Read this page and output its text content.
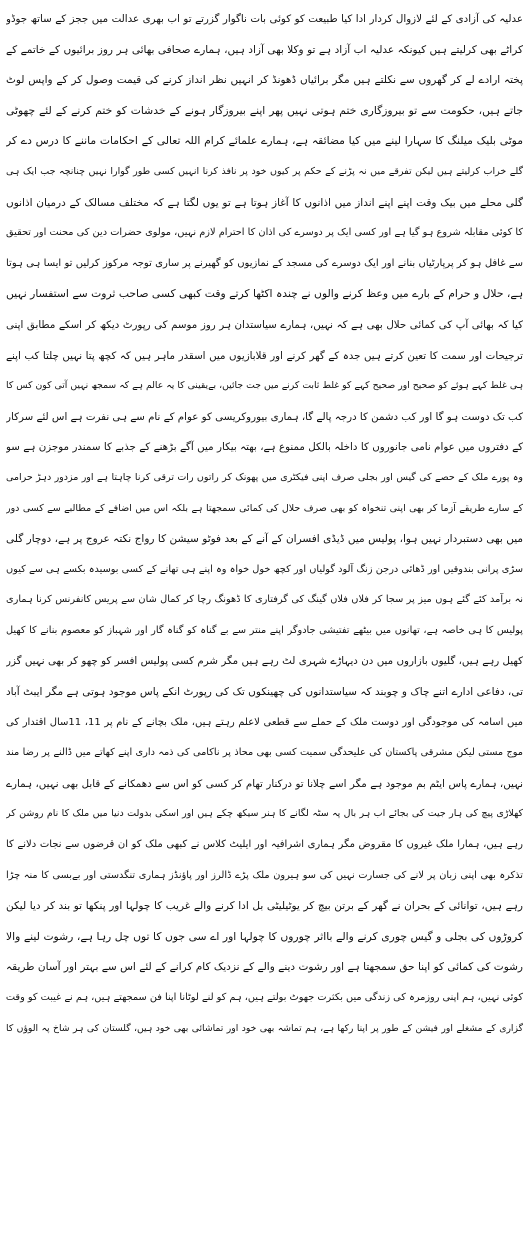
عدلیہ کی آزادی کے لئے لازوال کردار ادا کیا طبیعت کو کوئی بات ناگوار گزرتے تو اب بھری عدالت میں ججز کے ساتھ جوڈو
کراٹے بھی کرلیتے ہیں کیونکہ عدلیہ اب آزاد ہے تو وکلا بھی آزاد ہیں، ہمارے صحافی بھائی ہر روز برائیوں کے خاتمے کے
پختہ ارادے لے کر گھروں سے نکلتے ہیں مگر برائیاں ڈھونڈ کر انہیں نظر انداز کرنے کی قیمت وصول کر کے واپس لوٹ
جاتے ہیں، حکومت سے تو بیروزگاری ختم ہوتی نہیں پھر اپنے بیروزگار ہونے کے خدشات کو ختم کرنے کے لئے چھوٹی
موٹی بلیک میلنگ کا سہارا لینے میں کیا مضائقہ ہے، ہمارے علمائے کرام اللہ تعالی کے احکامات ماننے کا درس دے کر
گلے خراب کرلیتے ہیں لیکن تفرقے میں نہ پڑنے کے حکم پر کیوں خود پر نافذ کرنا انہیں کسی طور گوارا نہیں چنانچہ جب ایک ہی
گلی محلے میں بیک وقت اپنے اپنے انداز میں اذانوں کا آغاز ہوتا ہے تو یوں لگتا ہے کہ مختلف مسالک کے درمیان اذانوں
کا کوئی مقابلہ شروع ہو گیا ہے اور کسی ایک پر دوسرے کی اذان کا احترام لازم نہیں، مولوی حضرات دین کی محنت اور تحقیق
سے غافل ہو کر پرپارٹیاں بنانے اور ایک دوسرے کی مسجد کے نمازیوں کو گھیرنے پر ساری توجہ مرکوز کرلیں تو ایسا ہی ہوتا
ہے، حلال و حرام کے بارے میں وعظ کرنے والوں نے چندہ اکٹھا کرتے وقت کبھی کسی صاحب ثروت سے استفسار نہیں
کیا کہ بھائی آپ کی کمائی حلال بھی ہے کہ نہیں، ہمارے سیاستدان ہر روز موسم کی رپورٹ دیکھ کر اسکے مطابق اپنی
ترجیحات اور سمت کا تعین کرتے ہیں جدہ کے گھر کرنے اور قلابازیوں میں اسقدر ماہر ہیں کہ کچھ پتا نہیں چلتا کب اپنے
ہی غلط کہے ہوئے کو صحیح اور صحیح کہے کو غلط ثابت کرنے میں جت جائیں، بےیقینی کا یہ عالم ہے کہ سمجھ نہیں آتی کون کس کا
کب تک دوست ہو گا اور کب دشمن کا درجہ پالے گا، ہماری بیوروکریسی کو عوام کے نام سے ہی نفرت ہے اس لئے سرکار
کے دفتروں میں عوام نامی جانوروں کا داخلہ بالکل ممنوع ہے، بھتہ بیکار میں آگے بڑھنے کے جذبے کا سمندر موجزن ہے سو
وہ پورے ملک کے حصے کی گیس اور بجلی صرف اپنی فیکٹری میں پھونک کر راتوں رات ترقی کرنا چاہتا ہے اور مزدور دہڑ حرامی
کے سارے طریقے آزما کر بھی اپنی تنخواہ کو بھی صرف حلال کی کمائی سمجھتا ہے بلکہ اس میں اضافے کے مطالبے سے کسی دور
میں بھی دستبردار نہیں ہوا، پولیس میں ڈیڈی افسران کے آنے کے بعد فوٹو سیشن کا رواج نکتہ عروج پر ہے، دوچار گلی
سڑی پرانی بندوقیں اور ڈھائی درجن زنگ آلود گولیاں اور کچھ خول خواہ وہ اپنے ہی تھانے کے کسی بوسیدہ بکسے ہی سے کیوں
نہ برآمد کئے گئے ہوں میز پر سجا کر فلاں فلاں گینگ کی گرفتاری کا ڈھونگ رچا کر کمال شان سے پریس کانفرنس کرنا ہماری
پولیس کا ہی خاصہ ہے، تھانوں میں بیٹھے تفتیشی جادوگر اپنے منتر سے بے گناہ کو گناہ گار اور شہباز کو معصوم بنانے کا کھیل
کھیل رہے ہیں، گلیوں بازاروں میں دن دیہاڑے شہری لٹ رہے ہیں مگر شرم کسی پولیس افسر کو چھو کر بھی نہیں گزر
تی، دفاعی ادارے اتنے چاک و چوبند کہ سیاستدانوں کی چھینکوں تک کی رپورٹ انکے پاس موجود ہوتی ہے مگر ایبٹ آباد
میں اسامہ کی موجودگی اور دوست ملک کے حملے سے قطعی لاعلم رہتے ہیں، ملک بچانے کے نام پر 11، 11سال اقتدار کی
موج مستی لیکن مشرقی پاکستان کی علیحدگی سمیت کسی بھی محاذ پر ناکامی کی ذمہ داری اپنے کھاتے میں ڈالنے پر رضا مند
نہیں، ہمارے پاس ایٹم بم موجود ہے مگر اسے چلانا تو درکنار تھام کر کسی کو اس سے دھمکانے کے قابل بھی نہیں، ہمارے
کھلاڑی پیچ کی ہار جیت کی بجائے اب ہر بال پہ سٹہ لگانے کا ہنر سیکھ چکے ہیں اور اسکی بدولت دنیا میں ملک کا نام روشن کر
رہے ہیں، ہمارا ملک غیروں کا مقروض مگر ہماری اشرافیہ اور ایلیٹ کلاس نے کبھی ملک کو ان قرضوں سے نجات دلانے کا
تذکرہ بھی اپنی زبان پر لانے کی جسارت نہیں کی سو ہیرون ملک پڑے ڈالرز اور پاؤنڈز ہماری تنگدستی اور بےبسی کا منہ چڑا
رہے ہیں، توانائی کے بحران نے گھر کے برتن بیچ کر یوٹیلیٹی بل ادا کرنے والے غریب کا چولہا اور پنکھا تو بند کر دیا لیکن
کروڑوں کی بجلی و گیس چوری کرنے والے بااثر چوروں کا چولہا اور اے سی جوں کا توں چل رہا ہے، رشوت لینے والا
رشوت کی کمائی کو اپنا حق سمجھتا ہے اور رشوت دینے والے کے نزدیک کام کرانے کے لئے اس سے بہتر اور آسان طریقہ
کوئی نہیں، ہم اپنی روزمرہ کی زندگی میں بکثرت جھوٹ بولتے ہیں، ہم کو لنے لوٹانا اپنا فن سمجھتے ہیں، ہم نے غیبت کو وقت
گزاری کے مشغلے اور فیشن کے طور پر اپنا رکھا ہے، ہم تماشہ بھی خود اور تماشائی بھی خود ہیں، گلستان کی ہر شاخ پہ الوؤں کا
